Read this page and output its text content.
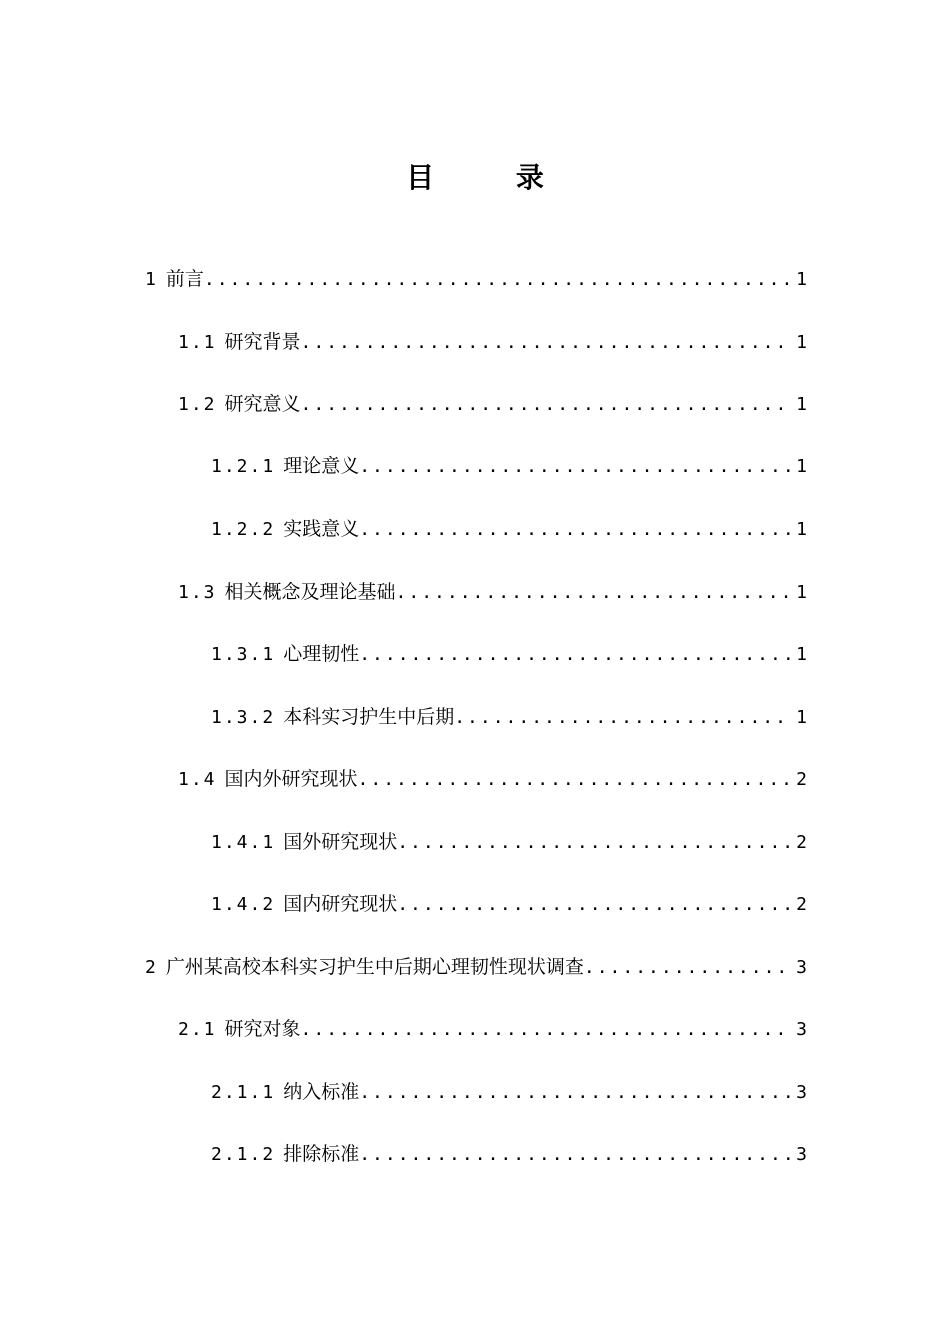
目 录
1 前言 .....	1
1.1 研究背景 .....	1
1.2 研究意义 .....	1
1.2.1 理论意义 .....	1
1.2.2 实践意义 .....	1
1.3 相关概念及理论基础 .....	1
1.3.1 心理韧性 .....	1
1.3.2 本科实习护生中后期 .....	1
1.4 国内外研究现状 .....	2
1.4.1 国外研究现状 .....	2
1.4.2 国内研究现状 .....	2
2 广州某高校本科实习护生中后期心理韧性现状调查 .....	3
2.1 研究对象 .....	3
2.1.1 纳入标准 .....	3
2.1.2 排除标准 .....	3
